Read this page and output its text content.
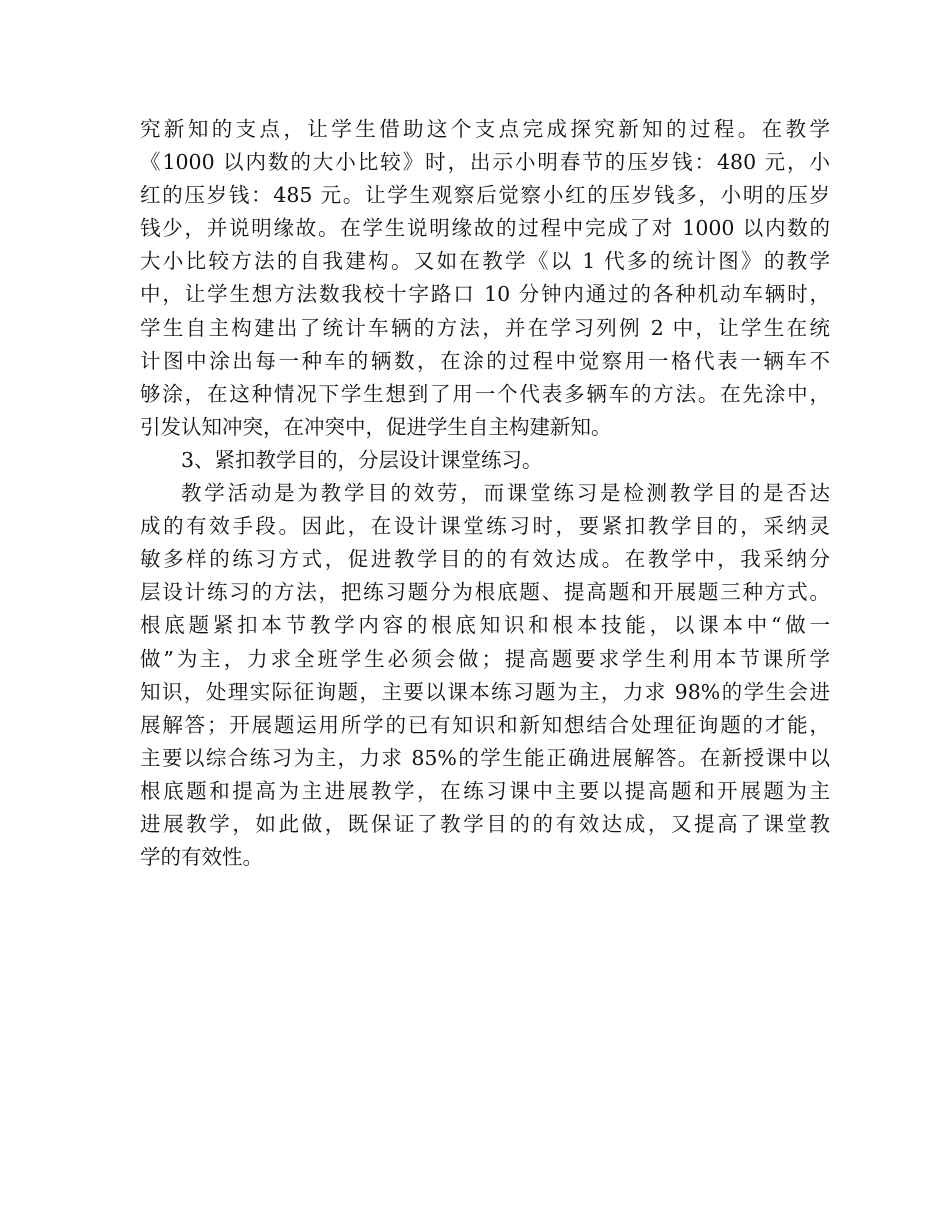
究新知的支点，让学生借助这个支点完成探究新知的过程。在教学
《1000 以内数的大小比较》时，出示小明春节的压岁钱：480 元，小
红的压岁钱：485 元。让学生观察后觉察小红的压岁钱多，小明的压岁
钱少，并说明缘故。在学生说明缘故的过程中完成了对 1000 以内数的
大小比较方法的自我建构。又如在教学《以 1 代多的统计图》的教学
中，让学生想方法数我校十字路口 10 分钟内通过的各种机动车辆时，
学生自主构建出了统计车辆的方法，并在学习列例 2 中，让学生在统
计图中涂出每一种车的辆数，在涂的过程中觉察用一格代表一辆车不
够涂，在这种情况下学生想到了用一个代表多辆车的方法。在先涂中，
引发认知冲突，在冲突中，促进学生自主构建新知。
3、紧扣教学目的，分层设计课堂练习。
教学活动是为教学目的效劳，而课堂练习是检测教学目的是否达
成的有效手段。因此，在设计课堂练习时，要紧扣教学目的，采纳灵
敏多样的练习方式，促进教学目的的有效达成。在教学中，我采纳分
层设计练习的方法，把练习题分为根底题、提高题和开展题三种方式。
根底题紧扣本节教学内容的根底知识和根本技能，以课本中“做一
做”为主，力求全班学生必须会做；提高题要求学生利用本节课所学
知识，处理实际征询题，主要以课本练习题为主，力求 98%的学生会进
展解答；开展题运用所学的已有知识和新知想结合处理征询题的才能，
主要以综合练习为主，力求 85%的学生能正确进展解答。在新授课中以
根底题和提高为主进展教学，在练习课中主要以提高题和开展题为主
进展教学，如此做，既保证了教学目的的有效达成，又提高了课堂教
学的有效性。
